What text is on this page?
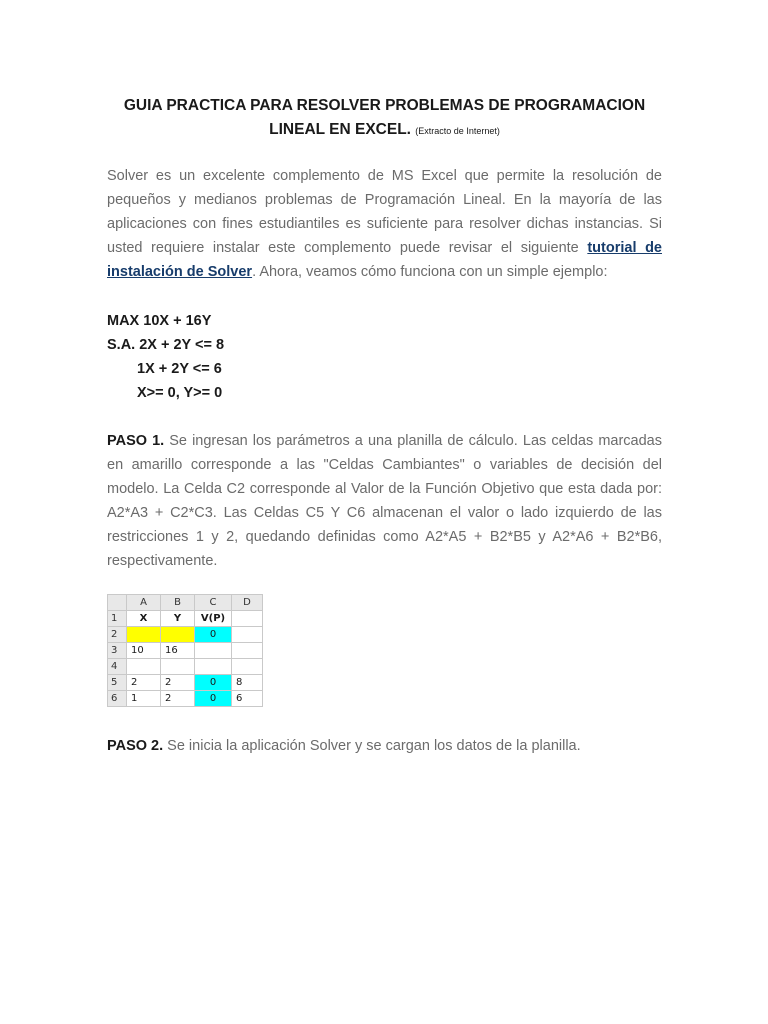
GUIA PRACTICA PARA RESOLVER PROBLEMAS DE PROGRAMACION
LINEAL EN EXCEL. (Extracto de Internet)
Solver es un excelente complemento de MS Excel que permite la resolución de pequeños y medianos problemas de Programación Lineal. En la mayoría de las aplicaciones con fines estudiantiles es suficiente para resolver dichas instancias. Si usted requiere instalar este complemento puede revisar el siguiente tutorial de instalación de Solver. Ahora, veamos cómo funciona con un simple ejemplo:
MAX 10X + 16Y
S.A. 2X + 2Y <= 8
1X + 2Y <= 6
X>= 0, Y>= 0
PASO 1. Se ingresan los parámetros a una planilla de cálculo. Las celdas marcadas en amarillo corresponde a las "Celdas Cambiantes" o variables de decisión del modelo. La Celda C2 corresponde al Valor de la Función Objetivo que esta dada por: A2*A3 + C2*C3. Las Celdas C5 Y C6 almacenan el valor o lado izquierdo de las restricciones 1 y 2, quedando definidas como A2*A5 + B2*B5 y A2*A6 + B2*B6, respectivamente.
	A	B	C	D
1	X	Y	V(P)	
2			0	
3	10	16		
4				
5	2	2	0	8
6	1	2	0	6
PASO 2. Se inicia la aplicación Solver y se cargan los datos de la planilla.
